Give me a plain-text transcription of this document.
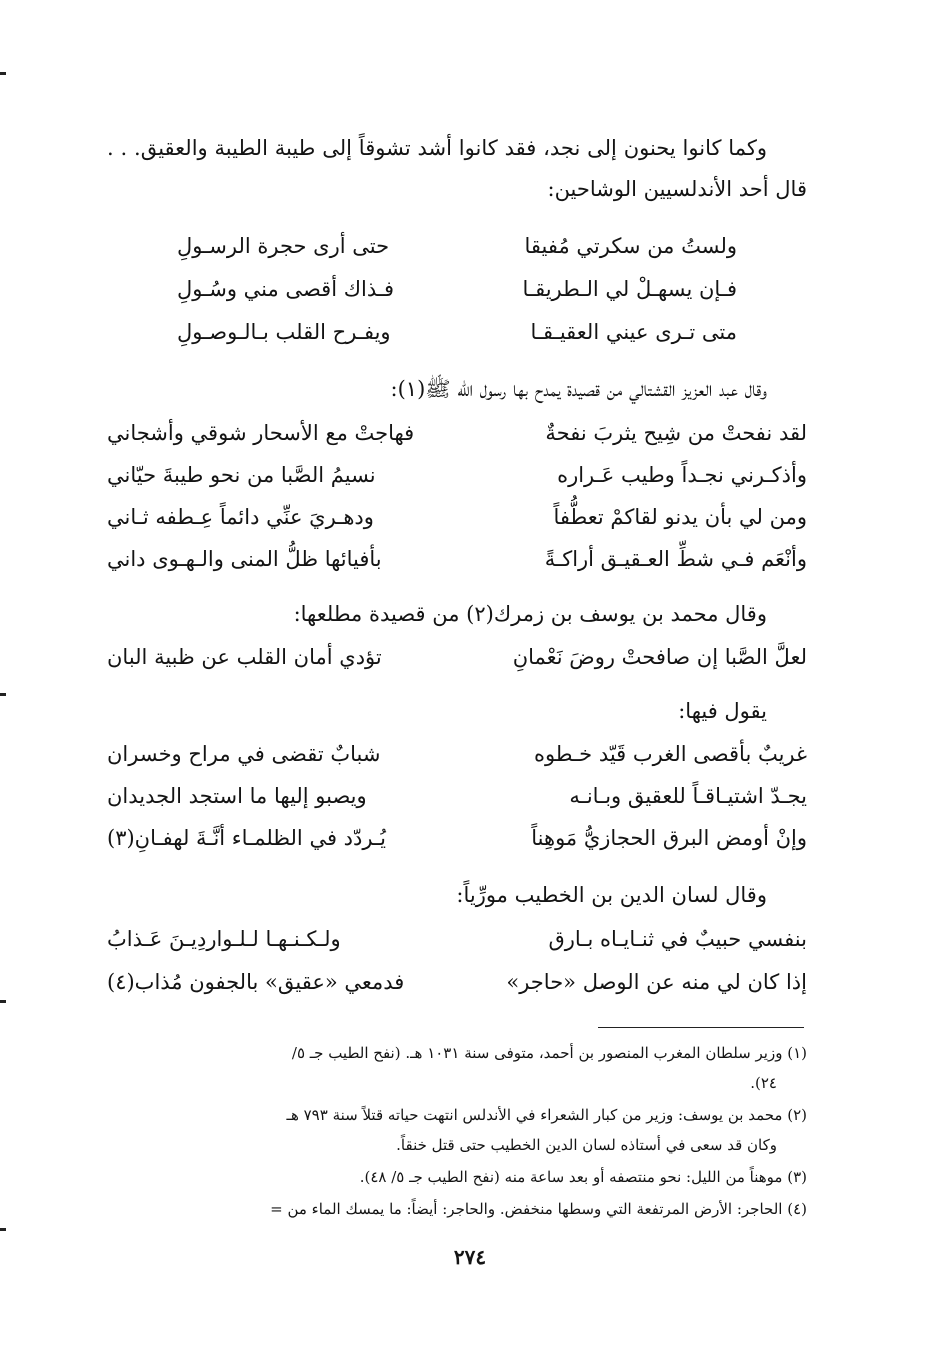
وكما كانوا يحنون إلى نجد، فقد كانوا أشد تشوقاً إلى طيبة الطيبة والعقيق. . . قال أحد الأندلسيين الوشاحين:

ولستُ من سكرتي مُفيقا
حتى أرى حجرة الرسـولِ
فـإن يسهـلْ لي الـطريقـا
فـذاك أقصى مني وسُـولِ
متى تـرى عيني العقيـقـا
ويفـرح القلب بـالـوصـولِ
وقال عبد العزيز القشتالي من قصيدة يمدح بها رسول الله ﷺ(١):
لقد نفحتْ من شِيح يثربَ نفحةٌ
فهاجتْ مع الأسحار شوقي وأشجاني
وأذكـرني نجـداً وطيب عَـراره
نسيمُ الصَّبا من نحو طيبةَ حيّاني
ومن لي بأن يدنو لقاكمْ تعطُّفاً
ودهـريَ عنِّي دائماً عِـطفه ثـاني
وأنْعَم فـي شطِّ العـقيـق أراكـةً
بأفيائها ظلُّ المنى والـهـوى داني
وقال محمد بن يوسف بن زمرك(٢) من قصيدة مطلعها:
لعلَّ الصَّبا إن صافحتْ روضَ نَعْمانِ
تؤدي أمان القلب عن ظبية البان
يقول فيها:
غريبٌ بأقصى الغرب قَيّد خـطوه
شبابٌ تقضى في مراح وخسران
يجـدّ اشتيـاقـاً للعقيق وبـانـه
ويصبو إليها ما استجد الجديدان
وإنْ أومض البرق الحجازيُّ مَوهِناً
يُـردّد في الظلمـاء أنَّـةَ لهفـانِ(٣)
وقال لسان الدين بن الخطيب مورِّياً:
بنفسي حبيبٌ في ثنـايـاه بـارق
ولـكـنـهـا لـلـواردِيـنَ عَـذابُ
إذا كان لي منه عن الوصل «حاجر»
فدمعي «عقيق» بالجفون مُذاب(٤)

(١) وزير سلطان المغرب المنصور بن أحمد، متوفى سنة ١٠٣١ هـ. (نفح الطيب جـ ٥/
٢٤).

(٢) محمد بن يوسف: وزير من كبار الشعراء في الأندلس انتهت حياته قتلاً سنة ٧٩٣ هـ
وكان قد سعى في أستاذه لسان الدين الخطيب حتى قتل خنقاً.

(٣) موهناً من الليل: نحو منتصفه أو بعد ساعة منه (نفح الطيب جـ ٥/ ٤٨).

(٤) الحاجر: الأرض المرتفعة التي وسطها منخفض. والحاجر: أيضاً: ما يمسك الماء من =

٢٧٤
